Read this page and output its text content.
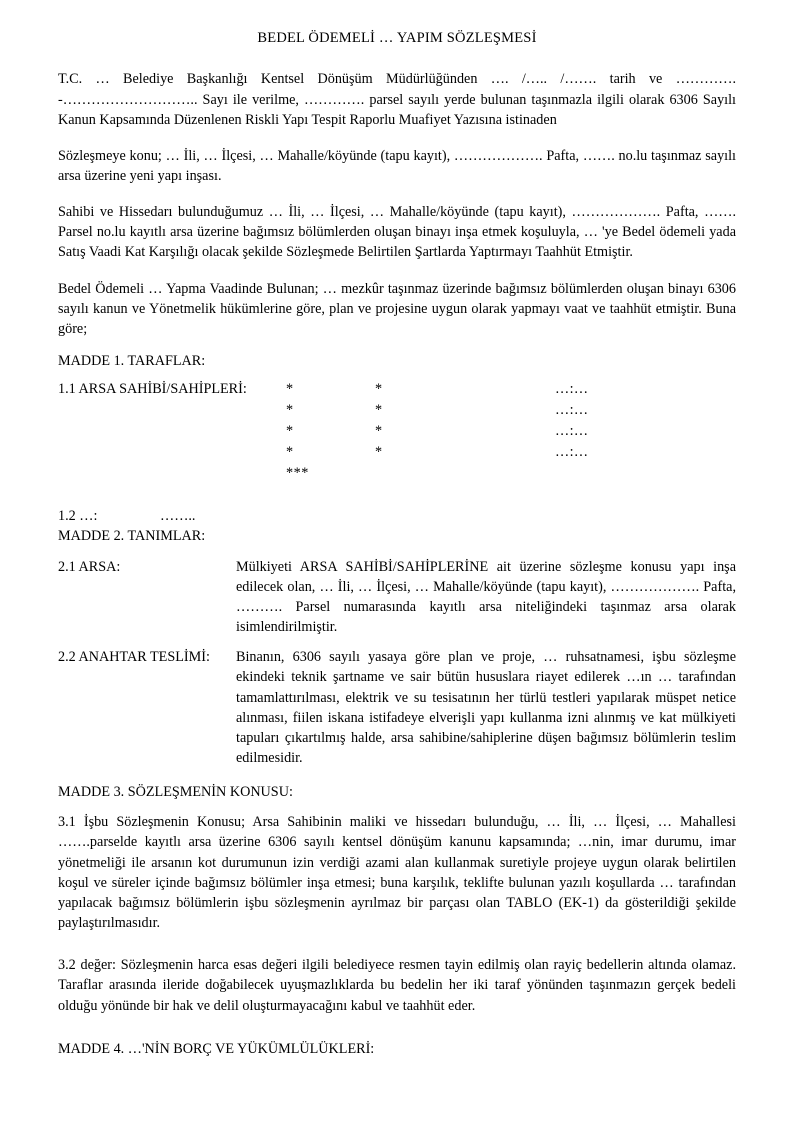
BEDEL ÖDEMELİ … YAPIM SÖZLEŞMESİ

T.C. … Belediye Başkanlığı Kentsel Dönüşüm Müdürlüğünden …. /….. /……. tarih ve …………. -……………………….. Sayı ile verilme, …………. parsel sayılı yerde bulunan taşınmazla ilgili olarak 6306 Sayılı Kanun Kapsamında Düzenlenen Riskli Yapı Tespit Raporlu Muafiyet Yazısına istinaden

Sözleşmeye konu; … İli, … İlçesi, … Mahalle/köyünde (tapu kayıt), ………………. Pafta, ……. no.lu taşınmaz sayılı arsa üzerine yeni yapı inşası.

Sahibi ve Hissedarı bulunduğumuz … İli, … İlçesi, … Mahalle/köyünde (tapu kayıt), ………………. Pafta, ……. Parsel no.lu kayıtlı arsa üzerine bağımsız bölümlerden oluşan binayı inşa etmek koşuluyla, … 'ye Bedel ödemeli yada Satış Vaadi Kat Karşılığı olacak şekilde Sözleşmede Belirtilen Şartlarda Yaptırmayı Taahhüt Etmiştir.

Bedel Ödemeli … Yapma Vaadinde Bulunan; … mezkûr taşınmaz üzerinde bağımsız bölümlerden oluşan binayı 6306 sayılı kanun ve Yönetmelik hükümlerine göre, plan ve projesine uygun olarak yapmayı vaat ve taahhüt etmiştir. Buna göre;

MADDE 1. TARAFLAR:
1.1 ARSA SAHİBİ/SAHİPLERİ:	*	*	…:…
*	*	…:…
*	*	…:…
*	*	…:…
***
1.2 …:	……..
MADDE 2. TANIMLAR:
2.1 ARSA:	Mülkiyeti ARSA SAHİBİ/SAHİPLERİNE ait üzerine sözleşme konusu yapı inşa edilecek olan, … İli, … İlçesi, … Mahalle/köyünde (tapu kayıt), ………………. Pafta, ………. Parsel numarasında kayıtlı arsa niteliğindeki taşınmaz arsa olarak isimlendirilmiştir.
2.2 ANAHTAR TESLİMİ:	Binanın, 6306 sayılı yasaya göre plan ve proje, … ruhsatnamesi, işbu sözleşme ekindeki teknik şartname ve sair bütün hususlara riayet edilerek …ın … tarafından tamamlattırılması, elektrik ve su tesisatının her türlü testleri yapılarak müspet netice alınması, fiilen iskana istifadeye elverişli yapı kullanma izni alınmış ve kat mülkiyeti tapuları çıkartılmış halde, arsa sahibine/sahiplerine düşen bağımsız bölümlerin teslim edilmesidir.
MADDE 3. SÖZLEŞMENİN KONUSU:

3.1 İşbu Sözleşmenin Konusu; Arsa Sahibinin maliki ve hissedarı bulunduğu, … İli, … İlçesi, … Mahallesi …….parselde kayıtlı arsa üzerine 6306 sayılı kentsel dönüşüm kanunu kapsamında; …nin, imar durumu, imar yönetmeliği ile arsanın kot durumunun izin verdiği azami alan kullanmak suretiyle projeye uygun olarak belirtilen koşul ve süreler içinde bağımsız bölümler inşa etmesi; buna karşılık, teklifte bulunan yazılı koşullarda … tarafından yapılacak bağımsız bölümlerin işbu sözleşmenin ayrılmaz bir parçası olan TABLO (EK-1) da gösterildiği şekilde paylaştırılmasıdır.

3.2 değer: Sözleşmenin harca esas değeri ilgili belediyece resmen tayin edilmiş olan rayiç bedellerin altında olamaz. Taraflar arasında ileride doğabilecek uyuşmazlıklarda bu bedelin her iki taraf yönünden taşınmazın gerçek bedeli olduğu yönünde bir hak ve delil oluşturmayacağını kabul ve taahhüt eder.

MADDE 4. …'NİN BORÇ VE YÜKÜMLÜLÜKLERİ:
